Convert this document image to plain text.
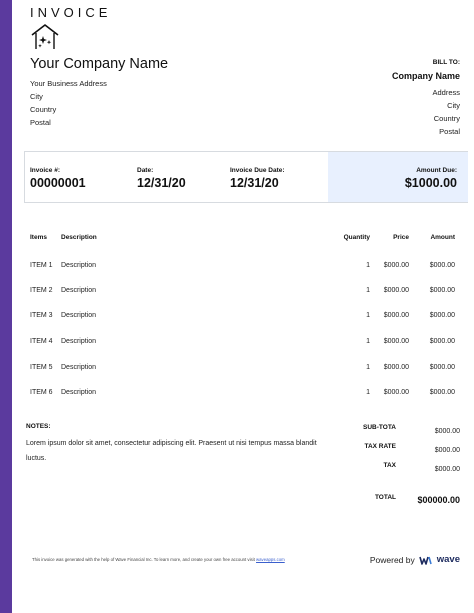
INVOICE
Your Company Name
Your Business Address
City
Country
Postal
BILL TO:
Company Name
Address
City
Country
Postal
Invoice #:
00000001
Date:
12/31/20
Invoice Due Date:
12/31/20
Amount Due:
$1000.00
Items Description	Quantity	Price	Amount
ITEM 1 Description	1 $000.00	$000.00
ITEM 2 Description	1 $000.00	$000.00
ITEM 3 Description	1 $000.00	$000.00
ITEM 4 Description	1 $000.00	$000.00
ITEM 5 Description	1 $000.00	$000.00
ITEM 6 Description	1 $000.00	$000.00
NOTES:
Lorem ipsum dolor sit amet, consectetur adipiscing elit. Praesent ut nisi tempus massa blandit luctus.
SUB-TOTA
$000.00
TAX RATE
$000.00
TAX
$000.00
TOTAL $00000.00
This invoice was generated with the help of Wave Financial Inc. To learn more, and create your own free account visit waveapps.com	Powered by wave
